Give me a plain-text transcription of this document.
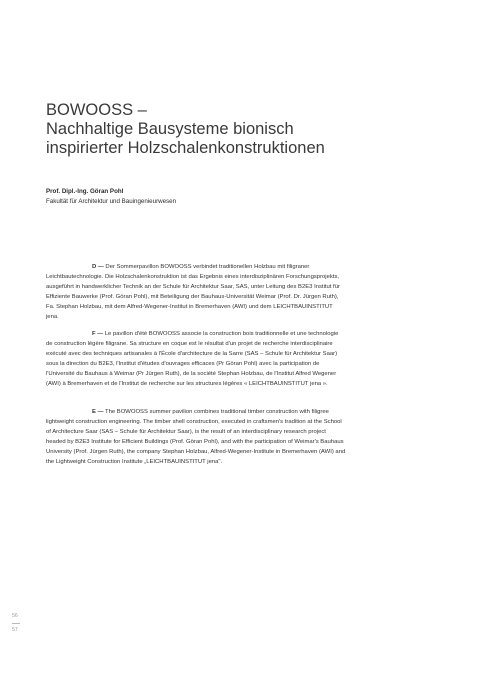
BOWOOSS –
Nachhaltige Bausysteme bionisch
inspirierter Holzschalenkonstruktionen
Prof. Dipl.-Ing. Göran Pohl
Fakultät für Architektur und Bauingenieurwesen

D — Der Sommerpavillon BOWOOSS verbindet traditionellen Holzbau mit filigraner Leichtbautechnologie. Die Holzschalenkonstruktion ist das Ergebnis eines interdisziplinären Forschungsprojekts, ausgeführt in handwerklicher Technik an der Schule für Architektur Saar, SAS, unter Leitung des B2E3 Institut für Effiziente Bauwerke (Prof. Göran Pohl), mit Beteiligung der Bauhaus-Universität Weimar (Prof. Dr. Jürgen Ruth), Fa. Stephan Holzbau, mit dem Alfred-Wegener-Institut in Bremerhaven (AWI) und dem LEICHTBAUINSTITUT jena.

F — Le pavillon d'été BOWOOSS associe la construction bois traditionnelle et une technologie de construction légère filigrane. Sa structure en coque est le résultat d'un projet de recherche interdisciplinaire exécuté avec des techniques artisanales à l'École d'architecture de la Sarre (SAS – Schule für Architektur Saar) sous la direction du B2E3, l'Institut d'études d'ouvrages efficaces (Pr Göran Pohl) avec la participation de l'Université du Bauhaus à Weimar (Pr Jürgen Ruth), de la société Stephan Holzbau, de l'Institut Alfred Wegener (AWI) à Bremerhaven et de l'Institut de recherche sur les structures légères « LEICHTBAUINSTITUT jena ».

E — The BOWOOSS summer pavilion combines traditional timber construction with filigree lightweight construction engineering. The timber shell construction, executed in craftsmen's tradition at the School of Architecture Saar (SAS – Schule für Architektur Saar), is the result of an interdisciplinary research project headed by B2E3 Institute for Efficient Buildings (Prof. Göran Pohl), and with the participation of Weimar's Bauhaus University (Prof. Jürgen Ruth), the company Stephan Holzbau, Alfred-Wegener-Institute in Bremerhaven (AWI) and the Lightweight Construction Institute „LEICHTBAUINSTITUT jena".

56
57
